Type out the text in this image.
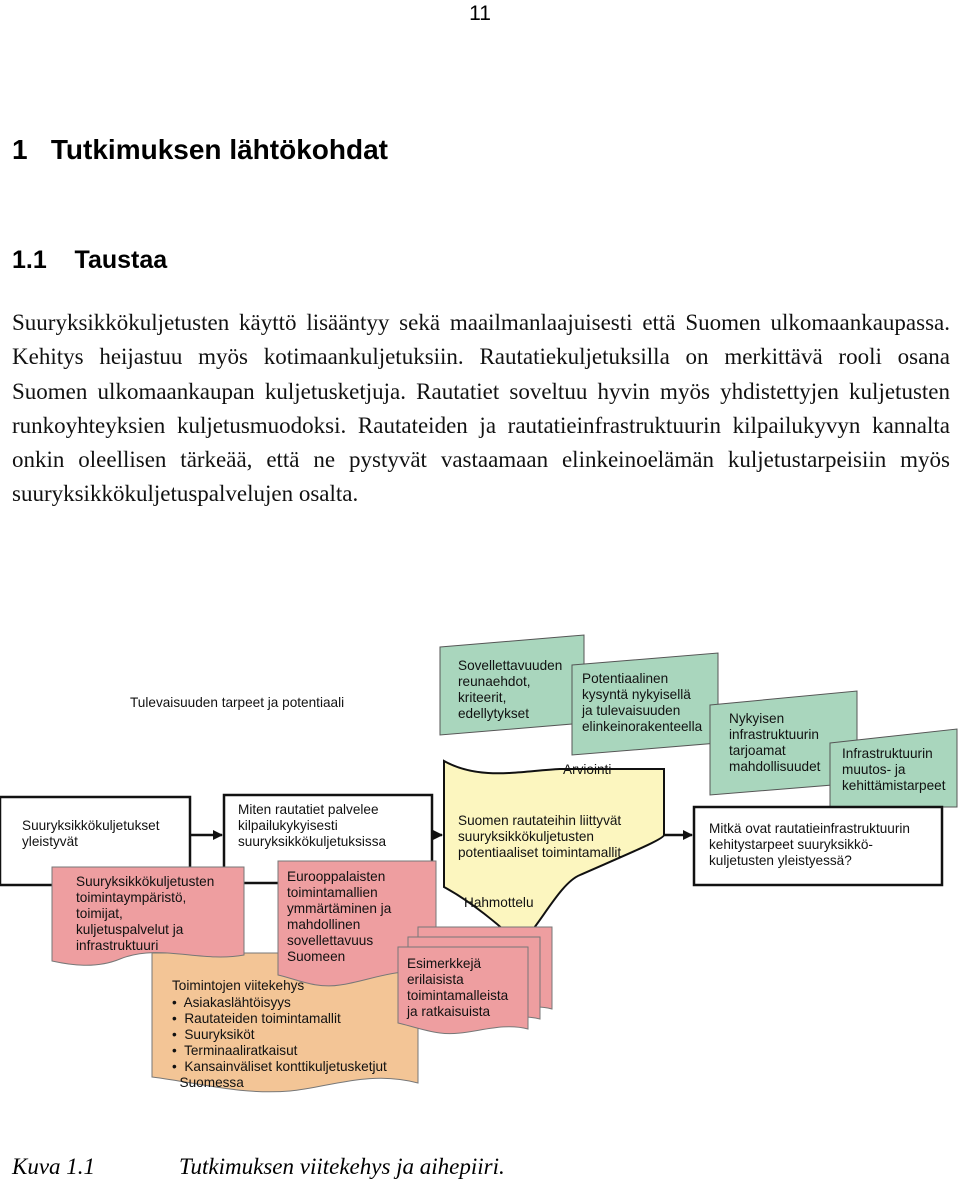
11
1   Tutkimuksen lähtökohdat
1.1    Taustaa
Suuryksikkökuljetusten käyttö lisääntyy sekä maailmanlaajuisesti että Suomen ulkomaankaupassa. Kehitys heijastuu myös kotimaankuljetuksiin. Rautatiekuljetuksilla on merkittävä rooli osana Suomen ulkomaankaupan kuljetusketjuja. Rautatiet soveltuu hyvin myös yhdistettyjen kuljetusten runkoyhteyksien kuljetusmuodoksi. Rautateiden ja rautatieinfrastruktuurin kilpailukyvyn kannalta onkin oleellisen tärkeää, että ne pystyvät vastaamaan elinkeinoelämän kuljetustarpeisiin myös suuryksikkökuljetuspalvelujen osalta.
Tulevaisuuden tarpeet ja potentiaali
Sovellettavuuden
reunaehdot,
kriteerit,
edellytykset
Potentiaalinen
kysyntä nykyisellä
ja tulevaisuuden
elinkeinorakenteella
Nykyisen
infrastruktuurin
tarjoamat
mahdollisuudet
Infrastruktuurin
muutos- ja
kehittämistarpeet
Arviointi
Suuryksikkökuljetukset
yleistyvät
Miten rautatiet palvelee
kilpailukykyisesti
suuryksikkökuljetuksissa
Suomen rautateihin liittyvät
suuryksikkökuljetusten
potentiaaliset toimintamallit
Mitkä ovat rautatieinfrastruktuurin
kehitystarpeet suuryksikkö-
kuljetusten yleistyessä?
Suuryksikkökuljetusten
toimintaympäristö,
toimijat,
kuljetuspalvelut ja
infrastruktuuri
Eurooppalaisten
toimintamallien
ymmärtäminen ja
mahdollinen
sovellettavuus
Suomeen
Hahmottelu
Esimerkkejä
erilaisista
toimintamalleista
ja ratkaisuista
Toimintojen viitekehys
•  Asiakaslähtöisyys
•  Rautateiden toimintamallit
•  Suuryksiköt
•  Terminaaliratkaisut
•  Kansainväliset konttikuljetusketjut
Suomessa
Kuva 1.1	Tutkimuksen viitekehys ja aihepiiri.
